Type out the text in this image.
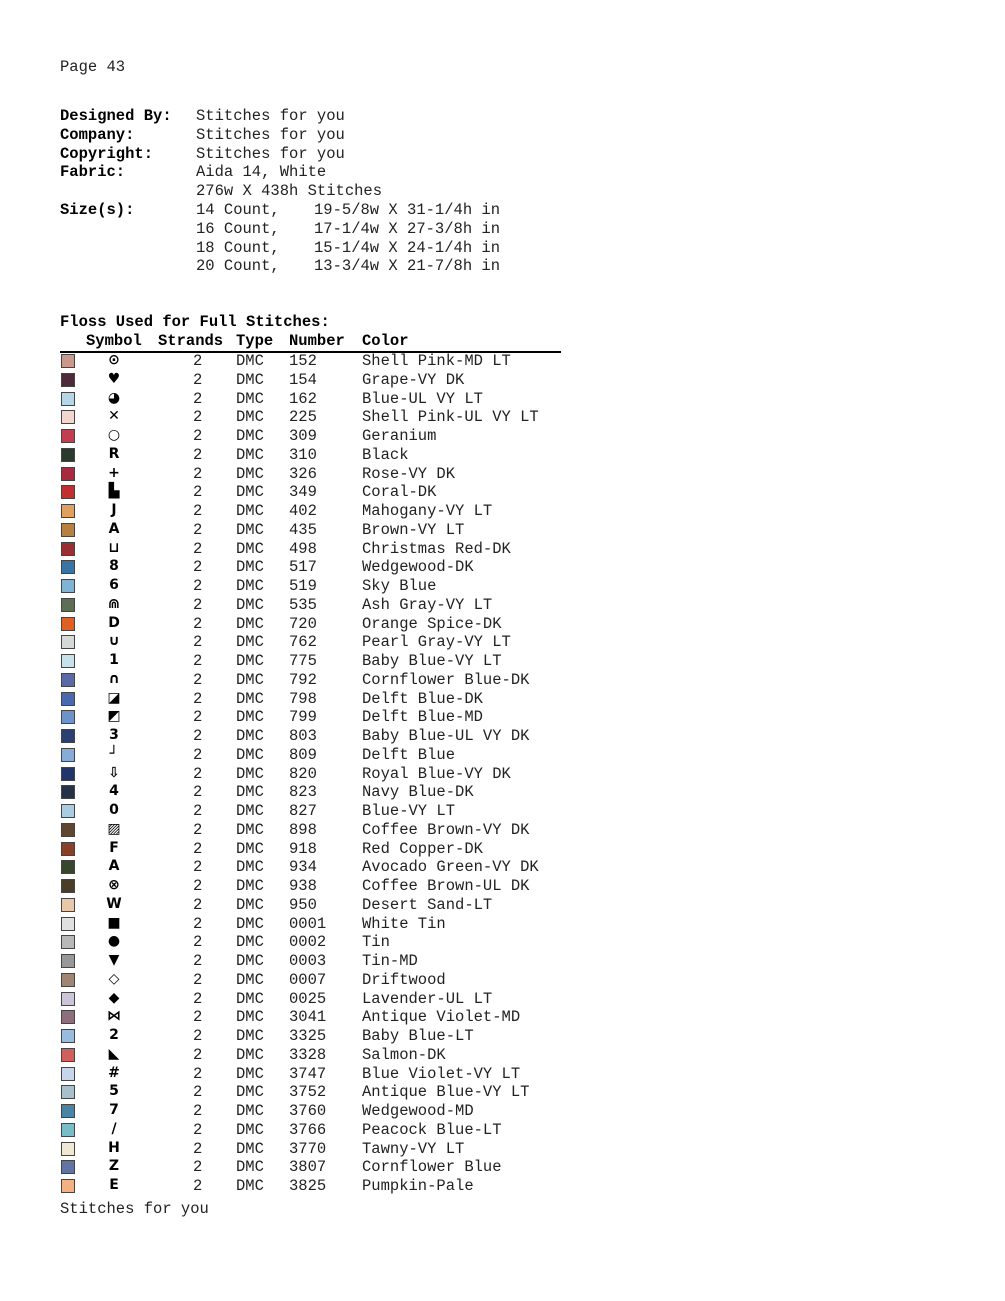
Page 43
Designed By: Stitches for you
Company:	Stitches for you
Copyright:	Stitches for you
Fabric:	Aida 14, White
276w X 438h Stitches
Size(s):	14 Count, 19-5/8w X 31-1/4h in
16 Count, 17-1/4w X 27-3/8h in
18 Count, 15-1/4w X 24-1/4h in
20 Count, 13-3/4w X 21-7/8h in
Floss Used for Full Stitches:
Symbol Strands Type Number Color
⊙	2 DMC 152	Shell Pink-MD LT
♥	2 DMC 154	Grape-VY DK
◕	2 DMC 162	Blue-UL VY LT
✕	2 DMC 225	Shell Pink-UL VY LT
○	2 DMC 309	Geranium
R	2 DMC 310	Black
+	2 DMC 326	Rose-VY DK
▙	2 DMC 349	Coral-DK
J	2 DMC 402	Mahogany-VY LT
A	2 DMC 435	Brown-VY LT
⊔	2 DMC 498	Christmas Red-DK
8	2 DMC 517	Wedgewood-DK
6	2 DMC 519	Sky Blue
⋒	2 DMC 535	Ash Gray-VY LT
D	2 DMC 720	Orange Spice-DK
∪	2 DMC 762	Pearl Gray-VY LT
1	2 DMC 775	Baby Blue-VY LT
∩	2 DMC 792	Cornflower Blue-DK
◪	2 DMC 798	Delft Blue-DK
◩	2 DMC 799	Delft Blue-MD
3	2 DMC 803	Baby Blue-UL VY DK
┘	2 DMC 809	Delft Blue
⇩	2 DMC 820	Royal Blue-VY DK
4	2 DMC 823	Navy Blue-DK
0	2 DMC 827	Blue-VY LT
▨	2 DMC 898	Coffee Brown-VY DK
F	2 DMC 918	Red Copper-DK
A	2 DMC 934	Avocado Green-VY DK
⊗	2 DMC 938	Coffee Brown-UL DK
W	2 DMC 950	Desert Sand-LT
■	2 DMC 0001 White Tin
●	2 DMC 0002 Tin
▼	2 DMC 0003 Tin-MD
◇	2 DMC 0007 Driftwood
◆	2 DMC 0025 Lavender-UL LT
⋈	2 DMC 3041 Antique Violet-MD
2	2 DMC 3325 Baby Blue-LT
◣	2 DMC 3328 Salmon-DK
#	2 DMC 3747 Blue Violet-VY LT
5	2 DMC 3752 Antique Blue-VY LT
7	2 DMC 3760 Wedgewood-MD
/	2 DMC 3766 Peacock Blue-LT
H	2 DMC 3770 Tawny-VY LT
Z	2 DMC 3807 Cornflower Blue
E	2 DMC 3825 Pumpkin-Pale
Stitches for you
